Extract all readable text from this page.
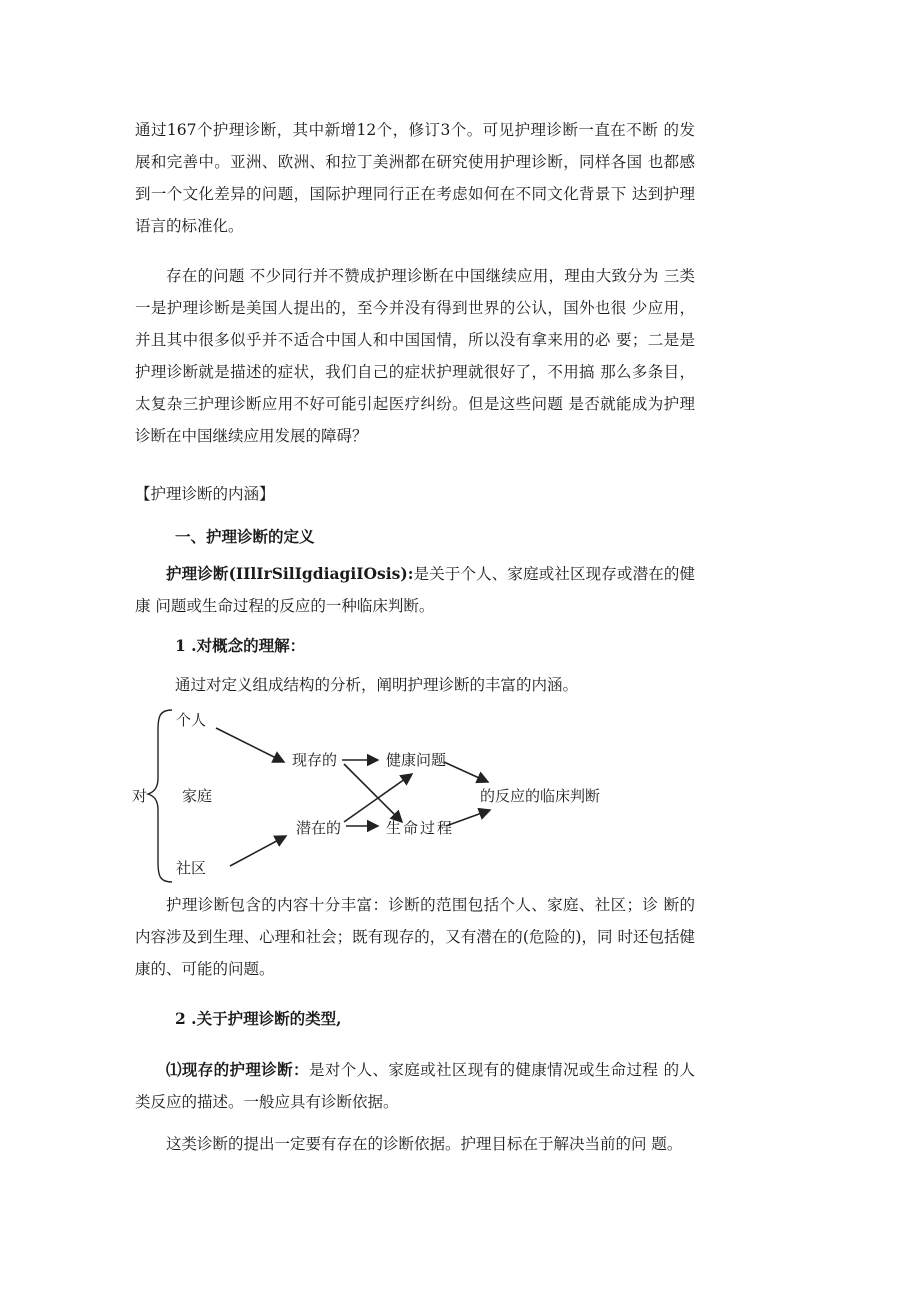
通过167个护理诊断，其中新增12个，修订3个。可见护理诊断一直在不断 的发展和完善中。亚洲、欧洲、和拉丁美洲都在研究使用护理诊断，同样各国 也都感到一个文化差异的问题，国际护理同行正在考虑如何在不同文化背景下 达到护理语言的标准化。

存在的问题 不少同行并不赞成护理诊断在中国继续应用，理由大致分为 三类一是护理诊断是美国人提出的，至今并没有得到世界的公认，国外也很 少应用，并且其中很多似乎并不适合中国人和中国国情，所以没有拿来用的必 要；二是是护理诊断就是描述的症状，我们自己的症状护理就很好了，不用搞 那么多条目，太复杂三护理诊断应用不好可能引起医疗纠纷。但是这些问题 是否就能成为护理诊断在中国继续应用发展的障碍？

【护理诊断的内涵】

一、护理诊断的定义

护理诊断(IIlIrSilIgdiagiIOsis):是关于个人、家庭或社区现存或潜在的健康 问题或生命过程的反应的一种临床判断。

1 .对概念的理解：

通过对定义组成结构的分析，阐明护理诊断的丰富的内涵。

对
个人
家庭
社区
现存的
潜在的
健康问题
生命过程
的反应的临床判断

护理诊断包含的内容十分丰富：诊断的范围包括个人、家庭、社区；诊 断的内容涉及到生理、心理和社会；既有现存的，又有潜在的(危险的)，同 时还包括健康的、可能的问题。

2 .关于护理诊断的类型,

⑴现存的护理诊断：是对个人、家庭或社区现有的健康情况或生命过程 的人类反应的描述。一般应具有诊断依据。

这类诊断的提出一定要有存在的诊断依据。护理目标在于解决当前的问 题。
